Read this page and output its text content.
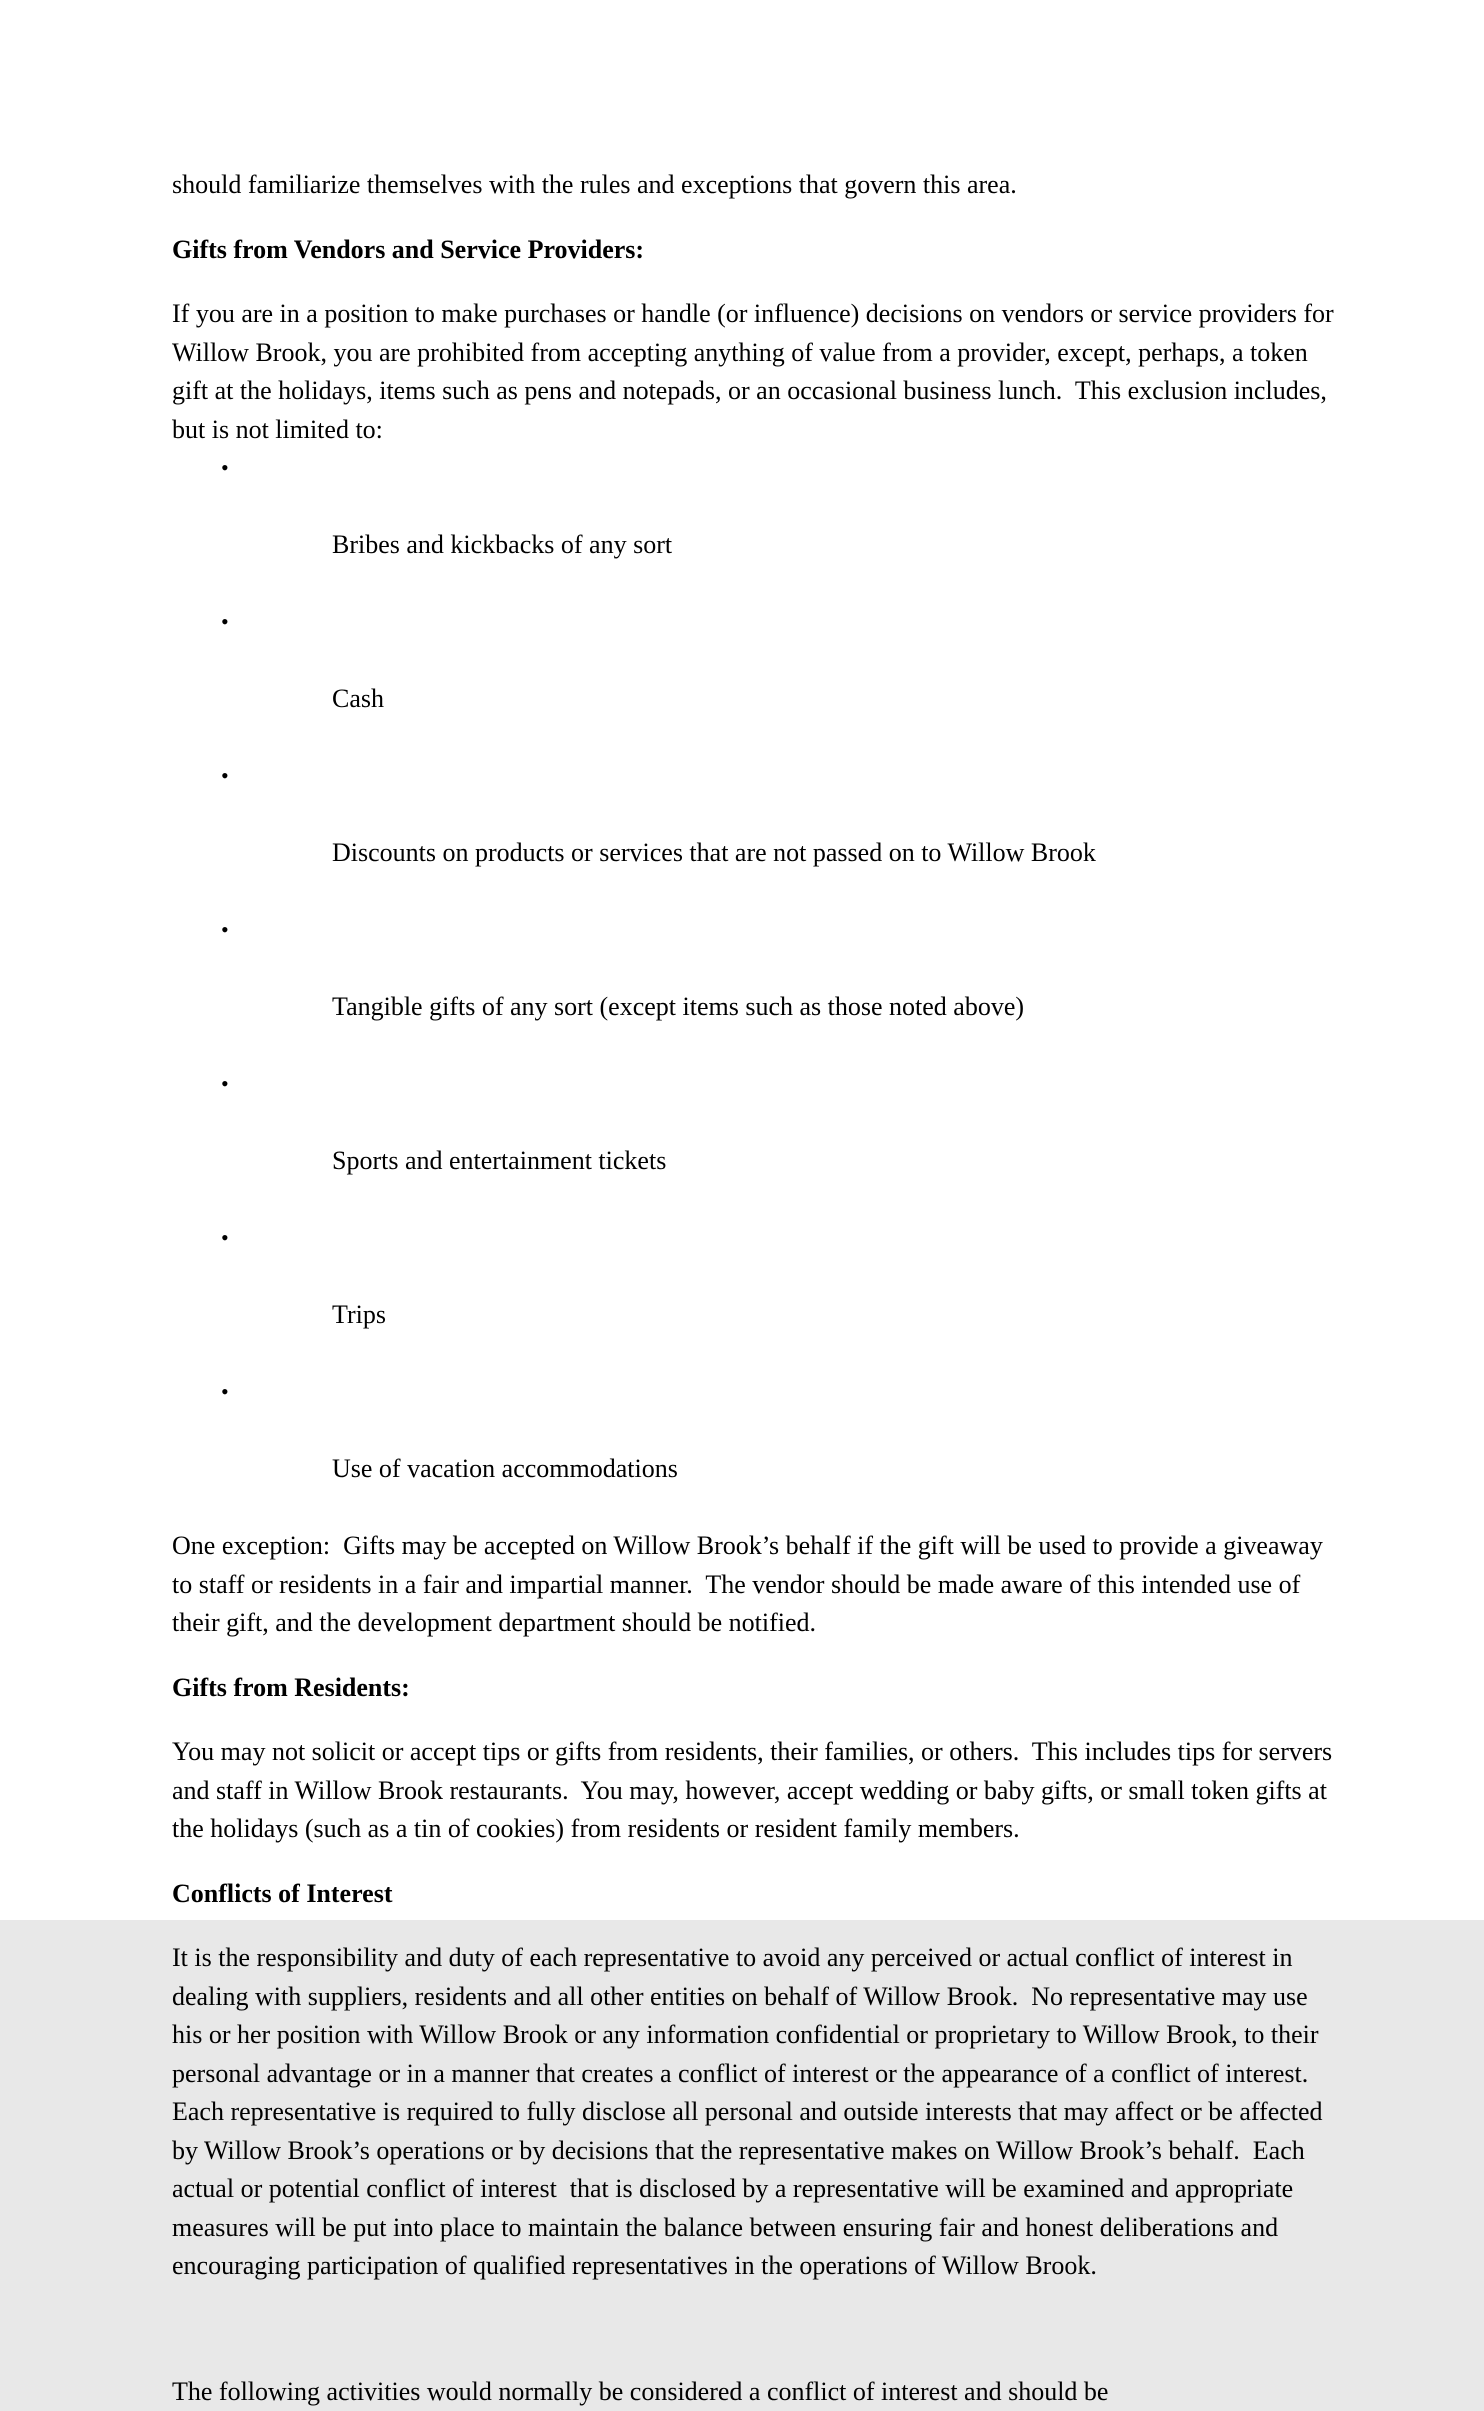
should familiarize themselves with the rules and exceptions that govern this area.

Gifts from Vendors and Service Providers:

If you are in a position to make purchases or handle (or influence) decisions on vendors or service providers for Willow Brook, you are prohibited from accepting anything of value from a provider, except, perhaps, a token gift at the holidays, items such as pens and notepads, or an occasional business lunch.  This exclusion includes, but is not limited to:

•

Bribes and kickbacks of any sort

•

Cash

•

Discounts on products or services that are not passed on to Willow Brook

•

Tangible gifts of any sort (except items such as those noted above)

•

Sports and entertainment tickets

•

Trips

•

Use of vacation accommodations

One exception:  Gifts may be accepted on Willow Brook’s behalf if the gift will be used to provide a giveaway to staff or residents in a fair and impartial manner.  The vendor should be made aware of this intended use of their gift, and the development department should be notified.

Gifts from Residents:

You may not solicit or accept tips or gifts from residents, their families, or others.  This includes tips for servers and staff in Willow Brook restaurants.  You may, however, accept wedding or baby gifts, or small token gifts at the holidays (such as a tin of cookies) from residents or resident family members.

Conflicts of Interest

It is the responsibility and duty of each representative to avoid any perceived or actual conflict of interest in dealing with suppliers, residents and all other entities on behalf of Willow Brook.  No representative may use his or her position with Willow Brook or any information confidential or proprietary to Willow Brook, to their personal advantage or in a manner that creates a conflict of interest or the appearance of a conflict of interest.   Each representative is required to fully disclose all personal and outside interests that may affect or be affected by Willow Brook’s operations or by decisions that the representative makes on Willow Brook’s behalf.  Each actual or potential conflict of interest  that is disclosed by a representative will be examined and appropriate measures will be put into place to maintain the balance between ensuring fair and honest deliberations and encouraging participation of qualified representatives in the operations of Willow Brook.

The following activities would normally be considered a conflict of interest and should be
